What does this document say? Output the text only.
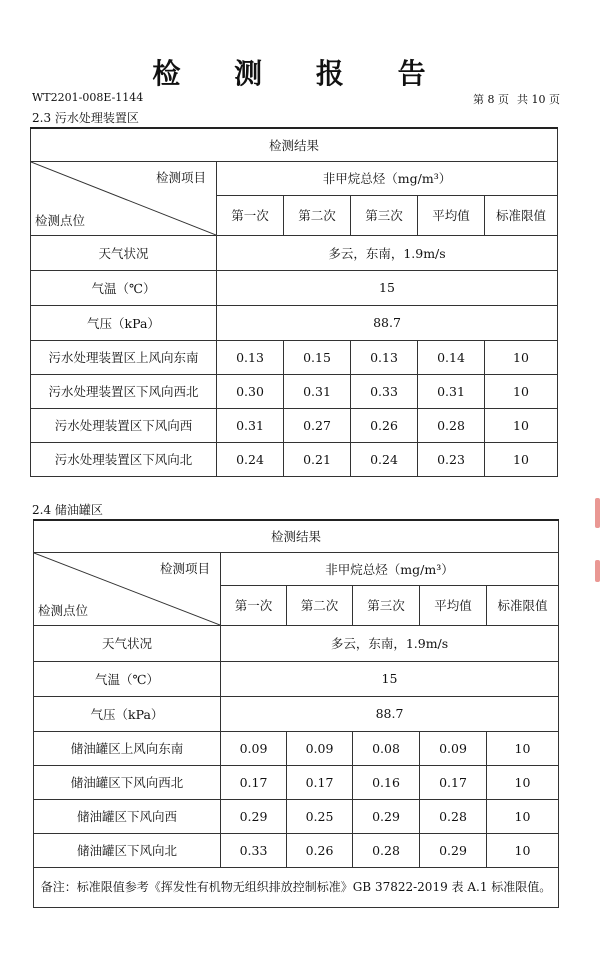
检 测 报 告
WT2201-008E-1144	第 8 页 共 10 页
2.3 污水处理装置区
检测结果					

检测项目
检测点位	非甲烷总烃（mg/m³）				
	第一次	第二次	第三次	平均值	标准限值
天气状况	多云，东南，1.9m/s				
气温（℃）	15				
气压（kPa）	88.7				
污水处理装置区上风向东南	0.13	0.15	0.13	0.14	10
污水处理装置区下风向西北	0.30	0.31	0.33	0.31	10
污水处理装置区下风向西	0.31	0.27	0.26	0.28	10
污水处理装置区下风向北	0.24	0.21	0.24	0.23	10
2.4 储油罐区
检测结果					

检测项目
检测点位	非甲烷总烃（mg/m³）				
	第一次	第二次	第三次	平均值	标准限值
天气状况	多云，东南，1.9m/s				
气温（℃）	15				
气压（kPa）	88.7				
储油罐区上风向东南	0.09	0.09	0.08	0.09	10
储油罐区下风向西北	0.17	0.17	0.16	0.17	10
储油罐区下风向西	0.29	0.25	0.29	0.28	10
储油罐区下风向北	0.33	0.26	0.28	0.29	10
备注：标准限值参考《挥发性有机物无组织排放控制标准》GB 37822-2019 表 A.1 标准限值。					
